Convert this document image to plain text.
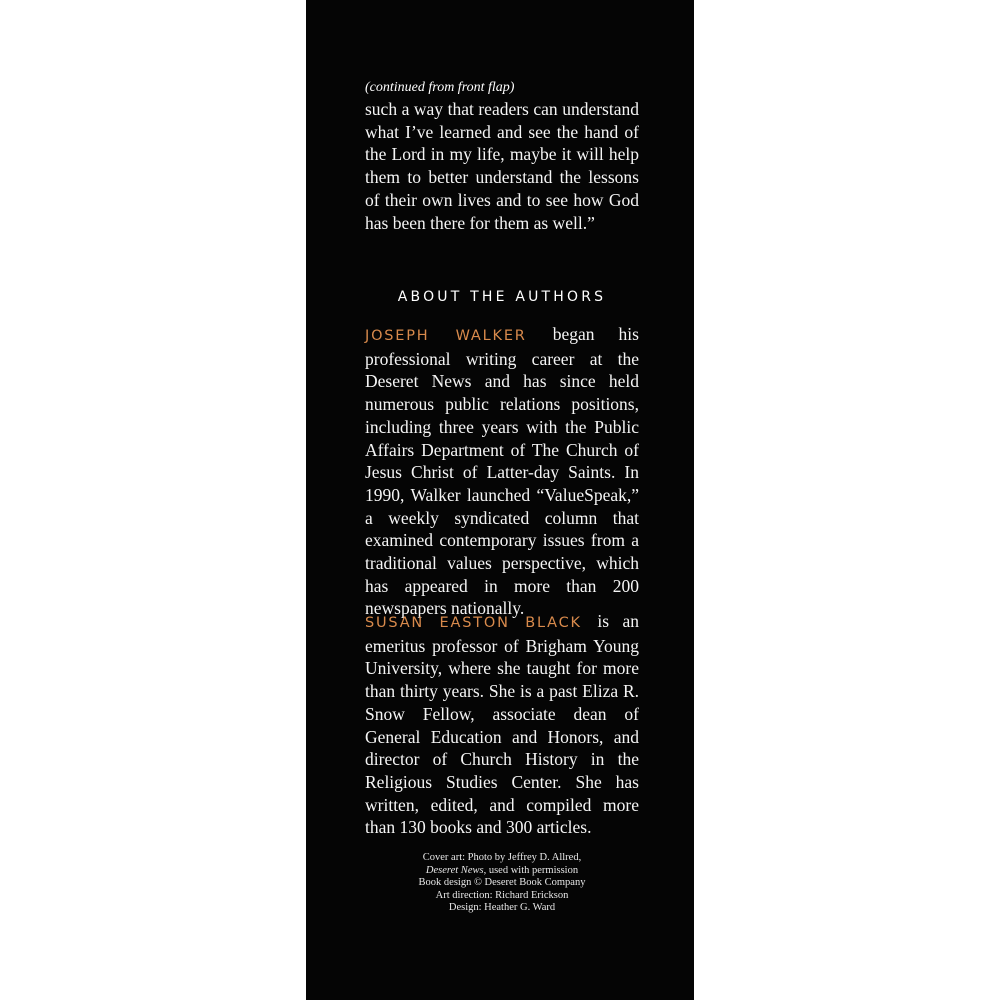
(continued from front flap)

such a way that readers can understand what I’ve learned and see the hand of the Lord in my life, maybe it will help them to better understand the lessons of their own lives and to see how God has been there for them as well.”

ABOUT THE AUTHORS

JOSEPH WALKER began his professional writing career at the Deseret News and has since held numerous public relations positions, including three years with the Public Affairs Department of The Church of Jesus Christ of Latter-day Saints. In 1990, Walker launched “ValueSpeak,” a weekly syndicated column that examined contemporary issues from a traditional values perspective, which has appeared in more than 200 newspapers nationally.

SUSAN EASTON BLACK is an emeritus professor of Brigham Young University, where she taught for more than thirty years. She is a past Eliza R. Snow Fellow, associate dean of General Education and Honors, and director of Church History in the Religious Studies Center. She has written, edited, and compiled more than 130 books and 300 articles.

Cover art: Photo by Jeffrey D. Allred,
Deseret News, used with permission
Book design © Deseret Book Company
Art direction: Richard Erickson
Design: Heather G. Ward
